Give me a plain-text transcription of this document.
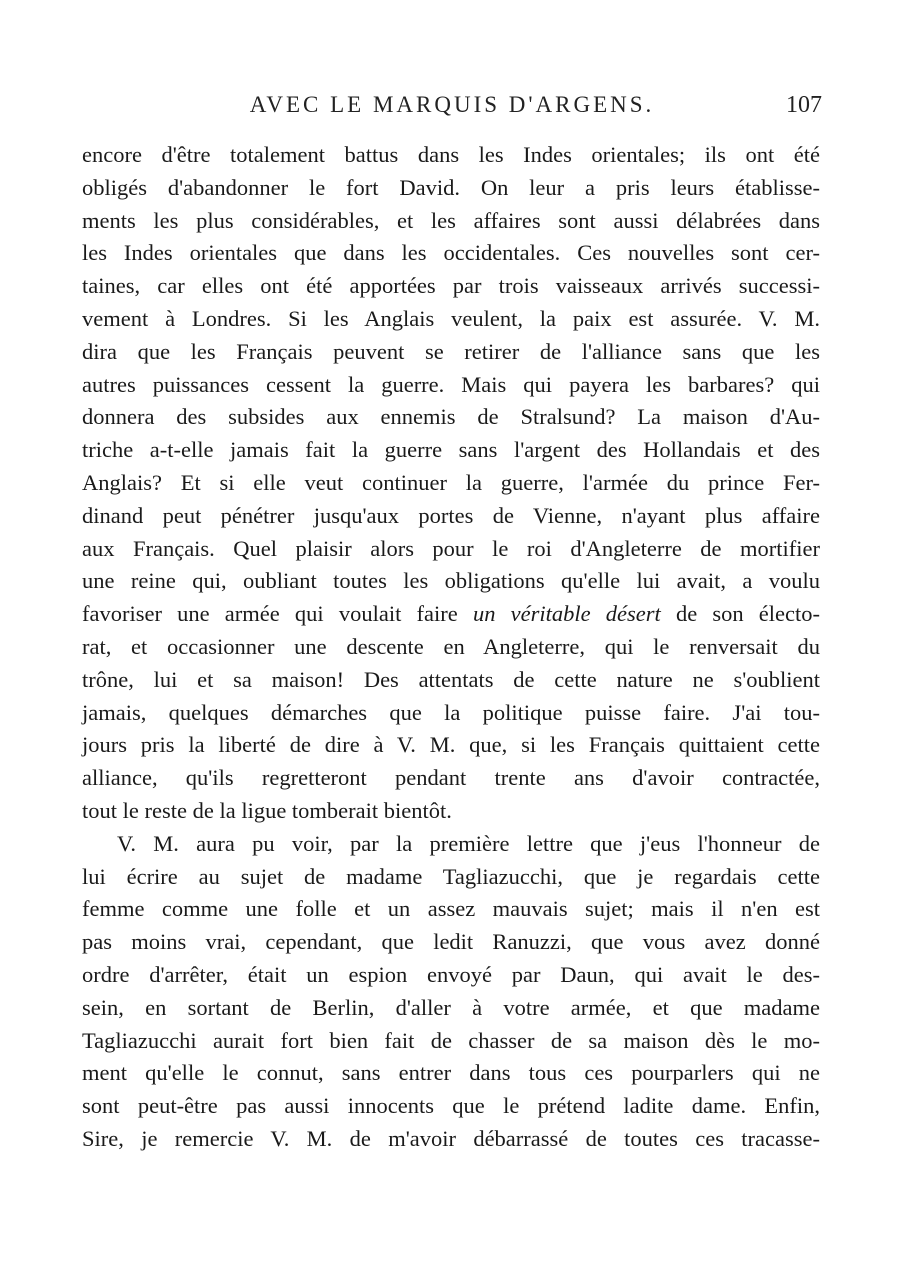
AVEC LE MARQUIS D'ARGENS.	107
encore d'être totalement battus dans les Indes orientales; ils ont été
obligés d'abandonner le fort David. On leur a pris leurs établisse-
ments les plus considérables, et les affaires sont aussi délabrées dans
les Indes orientales que dans les occidentales. Ces nouvelles sont cer-
taines, car elles ont été apportées par trois vaisseaux arrivés successi-
vement à Londres. Si les Anglais veulent, la paix est assurée. V. M.
dira que les Français peuvent se retirer de l'alliance sans que les
autres puissances cessent la guerre. Mais qui payera les barbares? qui
donnera des subsides aux ennemis de Stralsund? La maison d'Au-
triche a-t-elle jamais fait la guerre sans l'argent des Hollandais et des
Anglais? Et si elle veut continuer la guerre, l'armée du prince Fer-
dinand peut pénétrer jusqu'aux portes de Vienne, n'ayant plus affaire
aux Français. Quel plaisir alors pour le roi d'Angleterre de mortifier
une reine qui, oubliant toutes les obligations qu'elle lui avait, a voulu
favoriser une armée qui voulait faire un véritable désert de son électo-
rat, et occasionner une descente en Angleterre, qui le renversait du
trône, lui et sa maison! Des attentats de cette nature ne s'oublient
jamais, quelques démarches que la politique puisse faire. J'ai tou-
jours pris la liberté de dire à V. M. que, si les Français quittaient cette
alliance, qu'ils regretteront pendant trente ans d'avoir contractée,
tout le reste de la ligue tomberait bientôt.
V. M. aura pu voir, par la première lettre que j'eus l'honneur de
lui écrire au sujet de madame Tagliazucchi, que je regardais cette
femme comme une folle et un assez mauvais sujet; mais il n'en est
pas moins vrai, cependant, que ledit Ranuzzi, que vous avez donné
ordre d'arrêter, était un espion envoyé par Daun, qui avait le des-
sein, en sortant de Berlin, d'aller à votre armée, et que madame
Tagliazucchi aurait fort bien fait de chasser de sa maison dès le mo-
ment qu'elle le connut, sans entrer dans tous ces pourparlers qui ne
sont peut-être pas aussi innocents que le prétend ladite dame. Enfin,
Sire, je remercie V. M. de m'avoir débarrassé de toutes ces tracasse-
